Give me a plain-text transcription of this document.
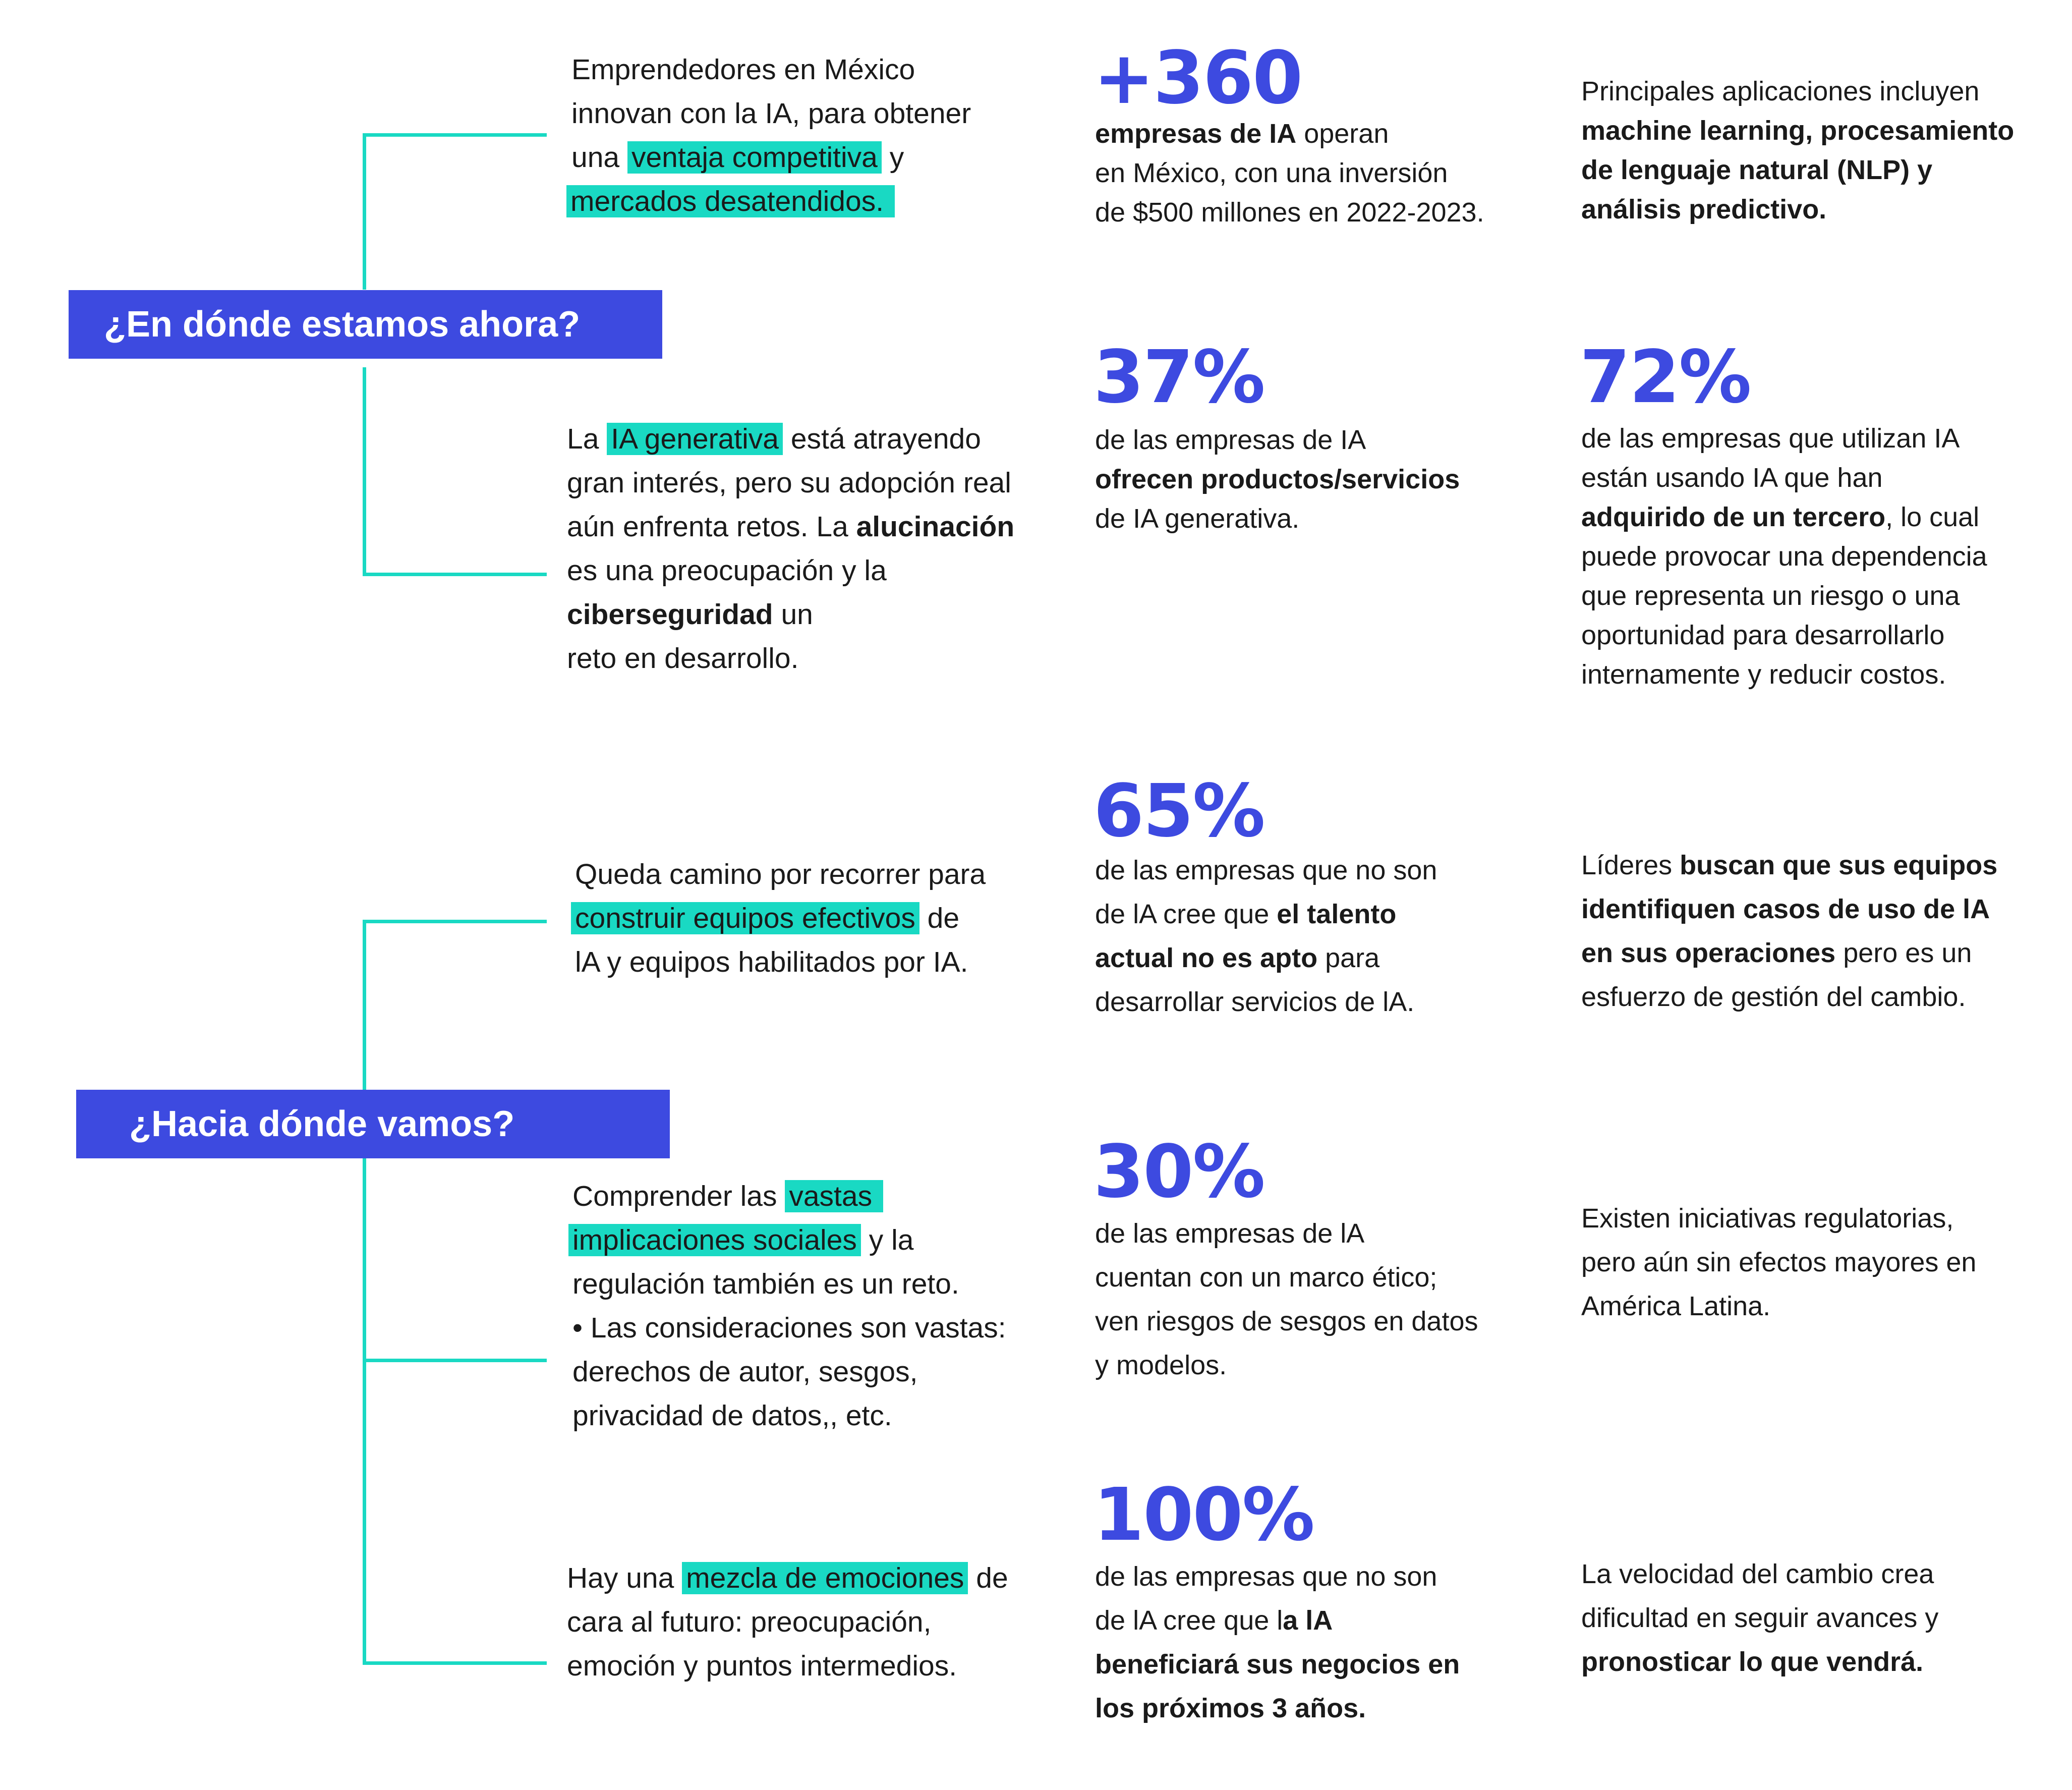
¿En dónde estamos ahora?
¿Hacia dónde vamos?
Emprendedores en México
innovan con la IA, para obtener
una ventaja competitiva y
mercados desatendidos.
La IA generativa está atrayendo
gran interés, pero su adopción real
aún enfrenta retos. La alucinación
es una preocupación y la
ciberseguridad un
reto en desarrollo.
Queda camino por recorrer para
construir equipos efectivos de
lA y equipos habilitados por IA.
Comprender las vastas
implicaciones sociales y la
regulación también es un reto.
• Las consideraciones son vastas:
derechos de autor, sesgos,
privacidad de datos,, etc.
Hay una mezcla de emociones de
cara al futuro: preocupación,
emoción y puntos intermedios.
+360
empresas de IA operan
en México, con una inversión
de $500 millones en 2022-2023.
37%
de las empresas de IA
ofrecen productos/servicios
de IA generativa.
65%
de las empresas que no son
de lA cree que el talento
actual no es apto para
desarrollar servicios de lA.
30%
de las empresas de lA
cuentan con un marco ético;
ven riesgos de sesgos en datos
y modelos.
100%
de las empresas que no son
de lA cree que la lA
beneficiará sus negocios en
los próximos 3 años.
Principales aplicaciones incluyen
machine learning, procesamiento
de lenguaje natural (NLP) y
análisis predictivo.
72%
de las empresas que utilizan IA
están usando IA que han
adquirido de un tercero, lo cual
puede provocar una dependencia
que representa un riesgo o una
oportunidad para desarrollarlo
internamente y reducir costos.
Líderes buscan que sus equipos
identifiquen casos de uso de lA
en sus operaciones pero es un
esfuerzo de gestión del cambio.
Existen iniciativas regulatorias,
pero aún sin efectos mayores en
América Latina.
La velocidad del cambio crea
dificultad en seguir avances y
pronosticar lo que vendrá.
